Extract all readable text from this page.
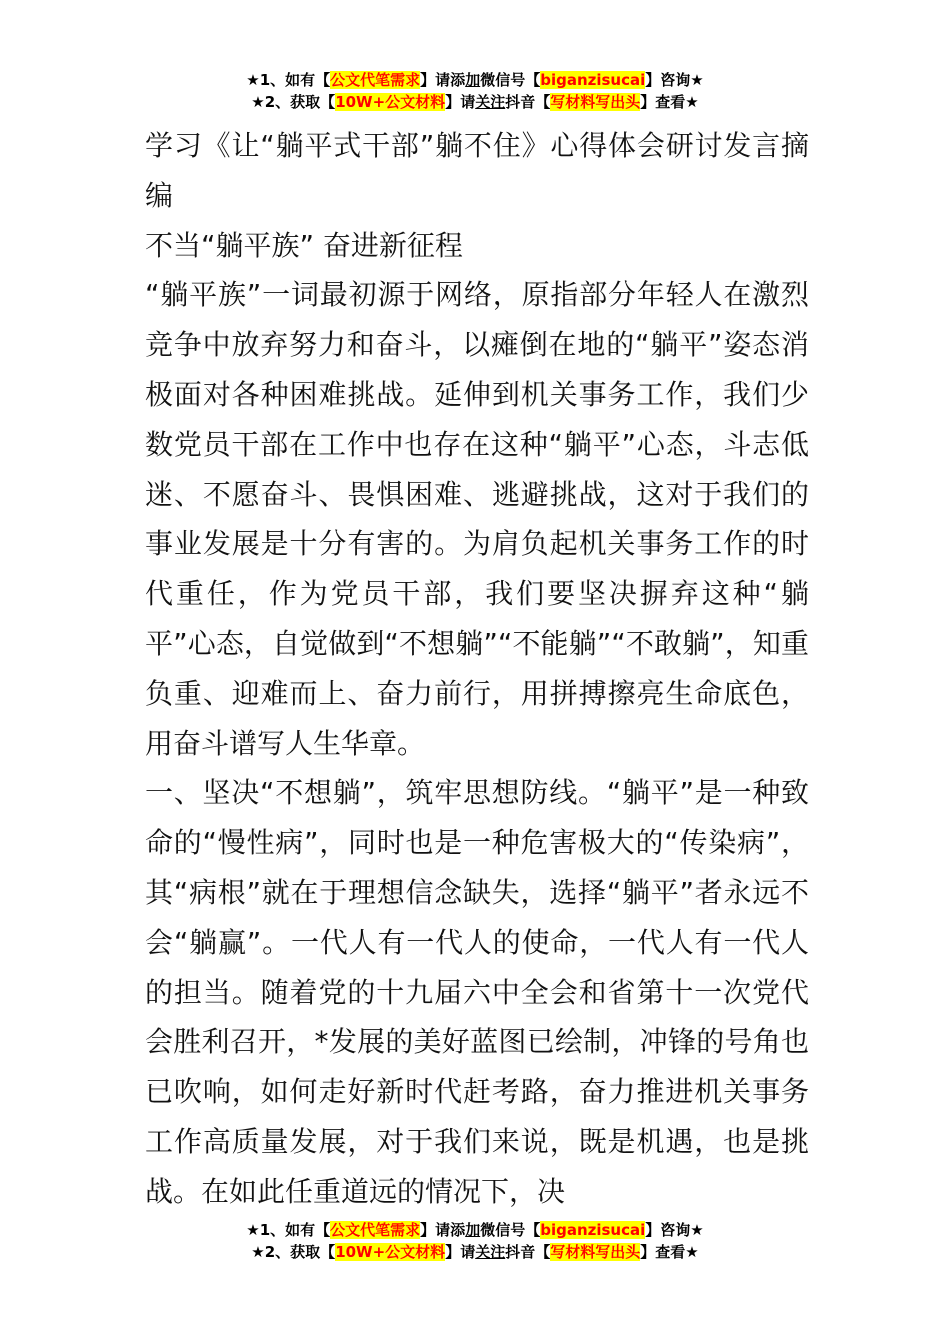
★1、如有【公文代笔需求】请添加微信号【biganzisucai】咨询★
★2、获取【10W+公文材料】请关注抖音【写材料写出头】查看★

学习《让“躺平式干部”躺不住》心得体会研讨发言摘编

不当“躺平族” 奋进新征程

“躺平族”一词最初源于网络，原指部分年轻人在激烈竞争中放弃努力和奋斗，以瘫倒在地的“躺平”姿态消极面对各种困难挑战。延伸到机关事务工作，我们少数党员干部在工作中也存在这种“躺平”心态，斗志低迷、不愿奋斗、畏惧困难、逃避挑战，这对于我们的事业发展是十分有害的。为肩负起机关事务工作的时代重任，作为党员干部，我们要坚决摒弃这种“躺平”心态，自觉做到“不想躺”“不能躺”“不敢躺”，知重负重、迎难而上、奋力前行，用拼搏擦亮生命底色，用奋斗谱写人生华章。

一、坚决“不想躺”，筑牢思想防线。“躺平”是一种致命的“慢性病”，同时也是一种危害极大的“传染病”，其“病根”就在于理想信念缺失，选择“躺平”者永远不会“躺赢”。一代人有一代人的使命，一代人有一代人的担当。随着党的十九届六中全会和省第十一次党代会胜利召开，*发展的美好蓝图已绘制，冲锋的号角也已吹响，如何走好新时代赶考路，奋力推进机关事务工作高质量发展，对于我们来说，既是机遇，也是挑战。在如此任重道远的情况下，决

★1、如有【公文代笔需求】请添加微信号【biganzisucai】咨询★
★2、获取【10W+公文材料】请关注抖音【写材料写出头】查看★
